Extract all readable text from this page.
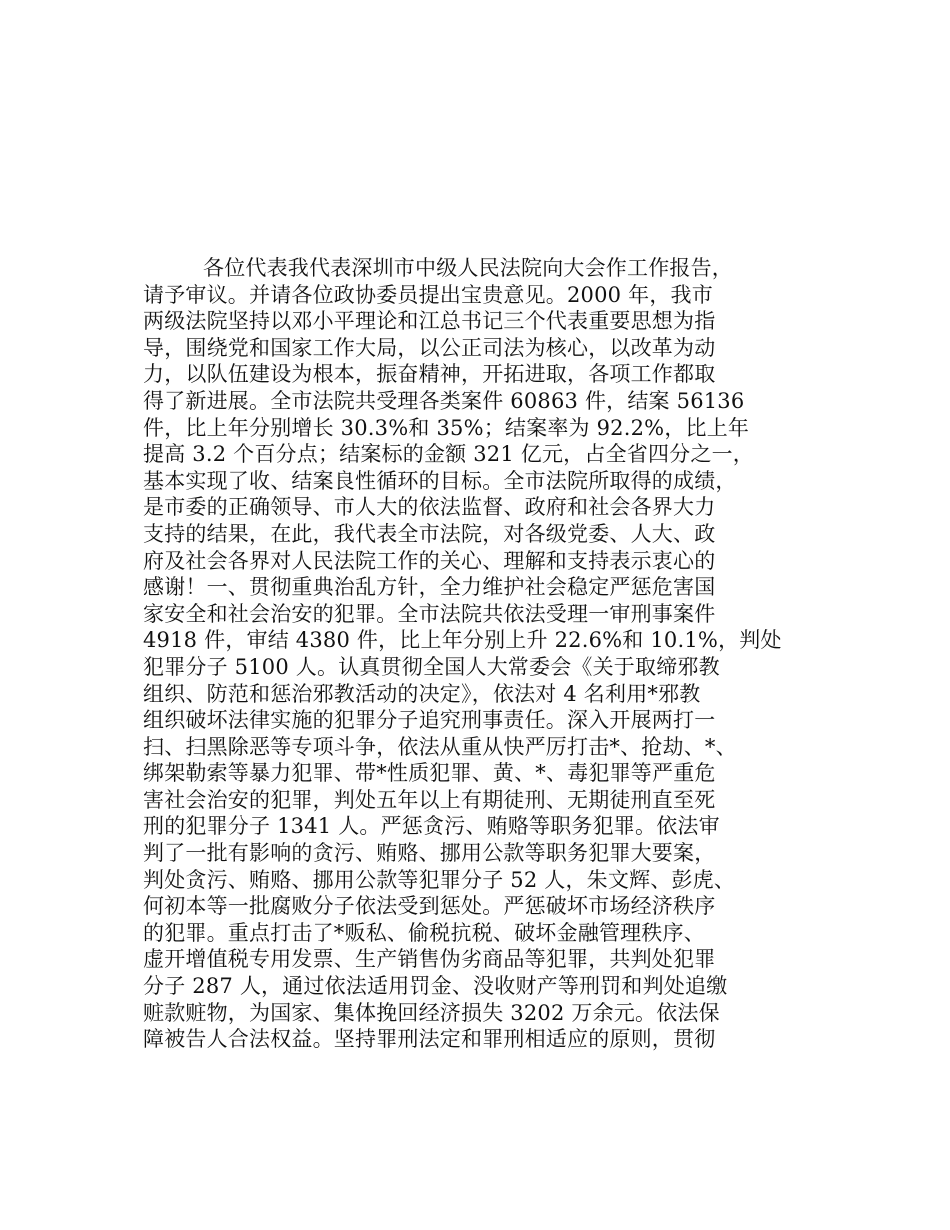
各位代表我代表深圳市中级人民法院向大会作工作报告，
请予审议。并请各位政协委员提出宝贵意见。2000 年，我市
两级法院坚持以邓小平理论和江总书记三个代表重要思想为指
导，围绕党和国家工作大局，以公正司法为核心，以改革为动
力，以队伍建设为根本，振奋精神，开拓进取，各项工作都取
得了新进展。全市法院共受理各类案件 60863 件，结案 56136
件，比上年分别增长 30.3%和 35%；结案率为 92.2%，比上年
提高 3.2 个百分点；结案标的金额 321 亿元，占全省四分之一，
基本实现了收、结案良性循环的目标。全市法院所取得的成绩，
是市委的正确领导、市人大的依法监督、政府和社会各界大力
支持的结果，在此，我代表全市法院，对各级党委、人大、政
府及社会各界对人民法院工作的关心、理解和支持表示衷心的
感谢！一、贯彻重典治乱方针，全力维护社会稳定严惩危害国
家安全和社会治安的犯罪。全市法院共依法受理一审刑事案件
4918 件，审结 4380 件，比上年分别上升 22.6%和 10.1%，判处
犯罪分子 5100 人。认真贯彻全国人大常委会《关于取缔邪教
组织、防范和惩治邪教活动的决定》，依法对 4 名利用*邪教
组织破坏法律实施的犯罪分子追究刑事责任。深入开展两打一
扫、扫黑除恶等专项斗争，依法从重从快严厉打击*、抢劫、*、
绑架勒索等暴力犯罪、带*性质犯罪、黄、*、毒犯罪等严重危
害社会治安的犯罪，判处五年以上有期徒刑、无期徒刑直至死
刑的犯罪分子 1341 人。严惩贪污、贿赂等职务犯罪。依法审
判了一批有影响的贪污、贿赂、挪用公款等职务犯罪大要案，
判处贪污、贿赂、挪用公款等犯罪分子 52 人，朱文辉、彭虎、
何初本等一批腐败分子依法受到惩处。严惩破坏市场经济秩序
的犯罪。重点打击了*贩私、偷税抗税、破坏金融管理秩序、
虚开增值税专用发票、生产销售伪劣商品等犯罪，共判处犯罪
分子 287 人，通过依法适用罚金、没收财产等刑罚和判处追缴
赃款赃物，为国家、集体挽回经济损失 3202 万余元。依法保
障被告人合法权益。坚持罪刑法定和罪刑相适应的原则，贯彻
